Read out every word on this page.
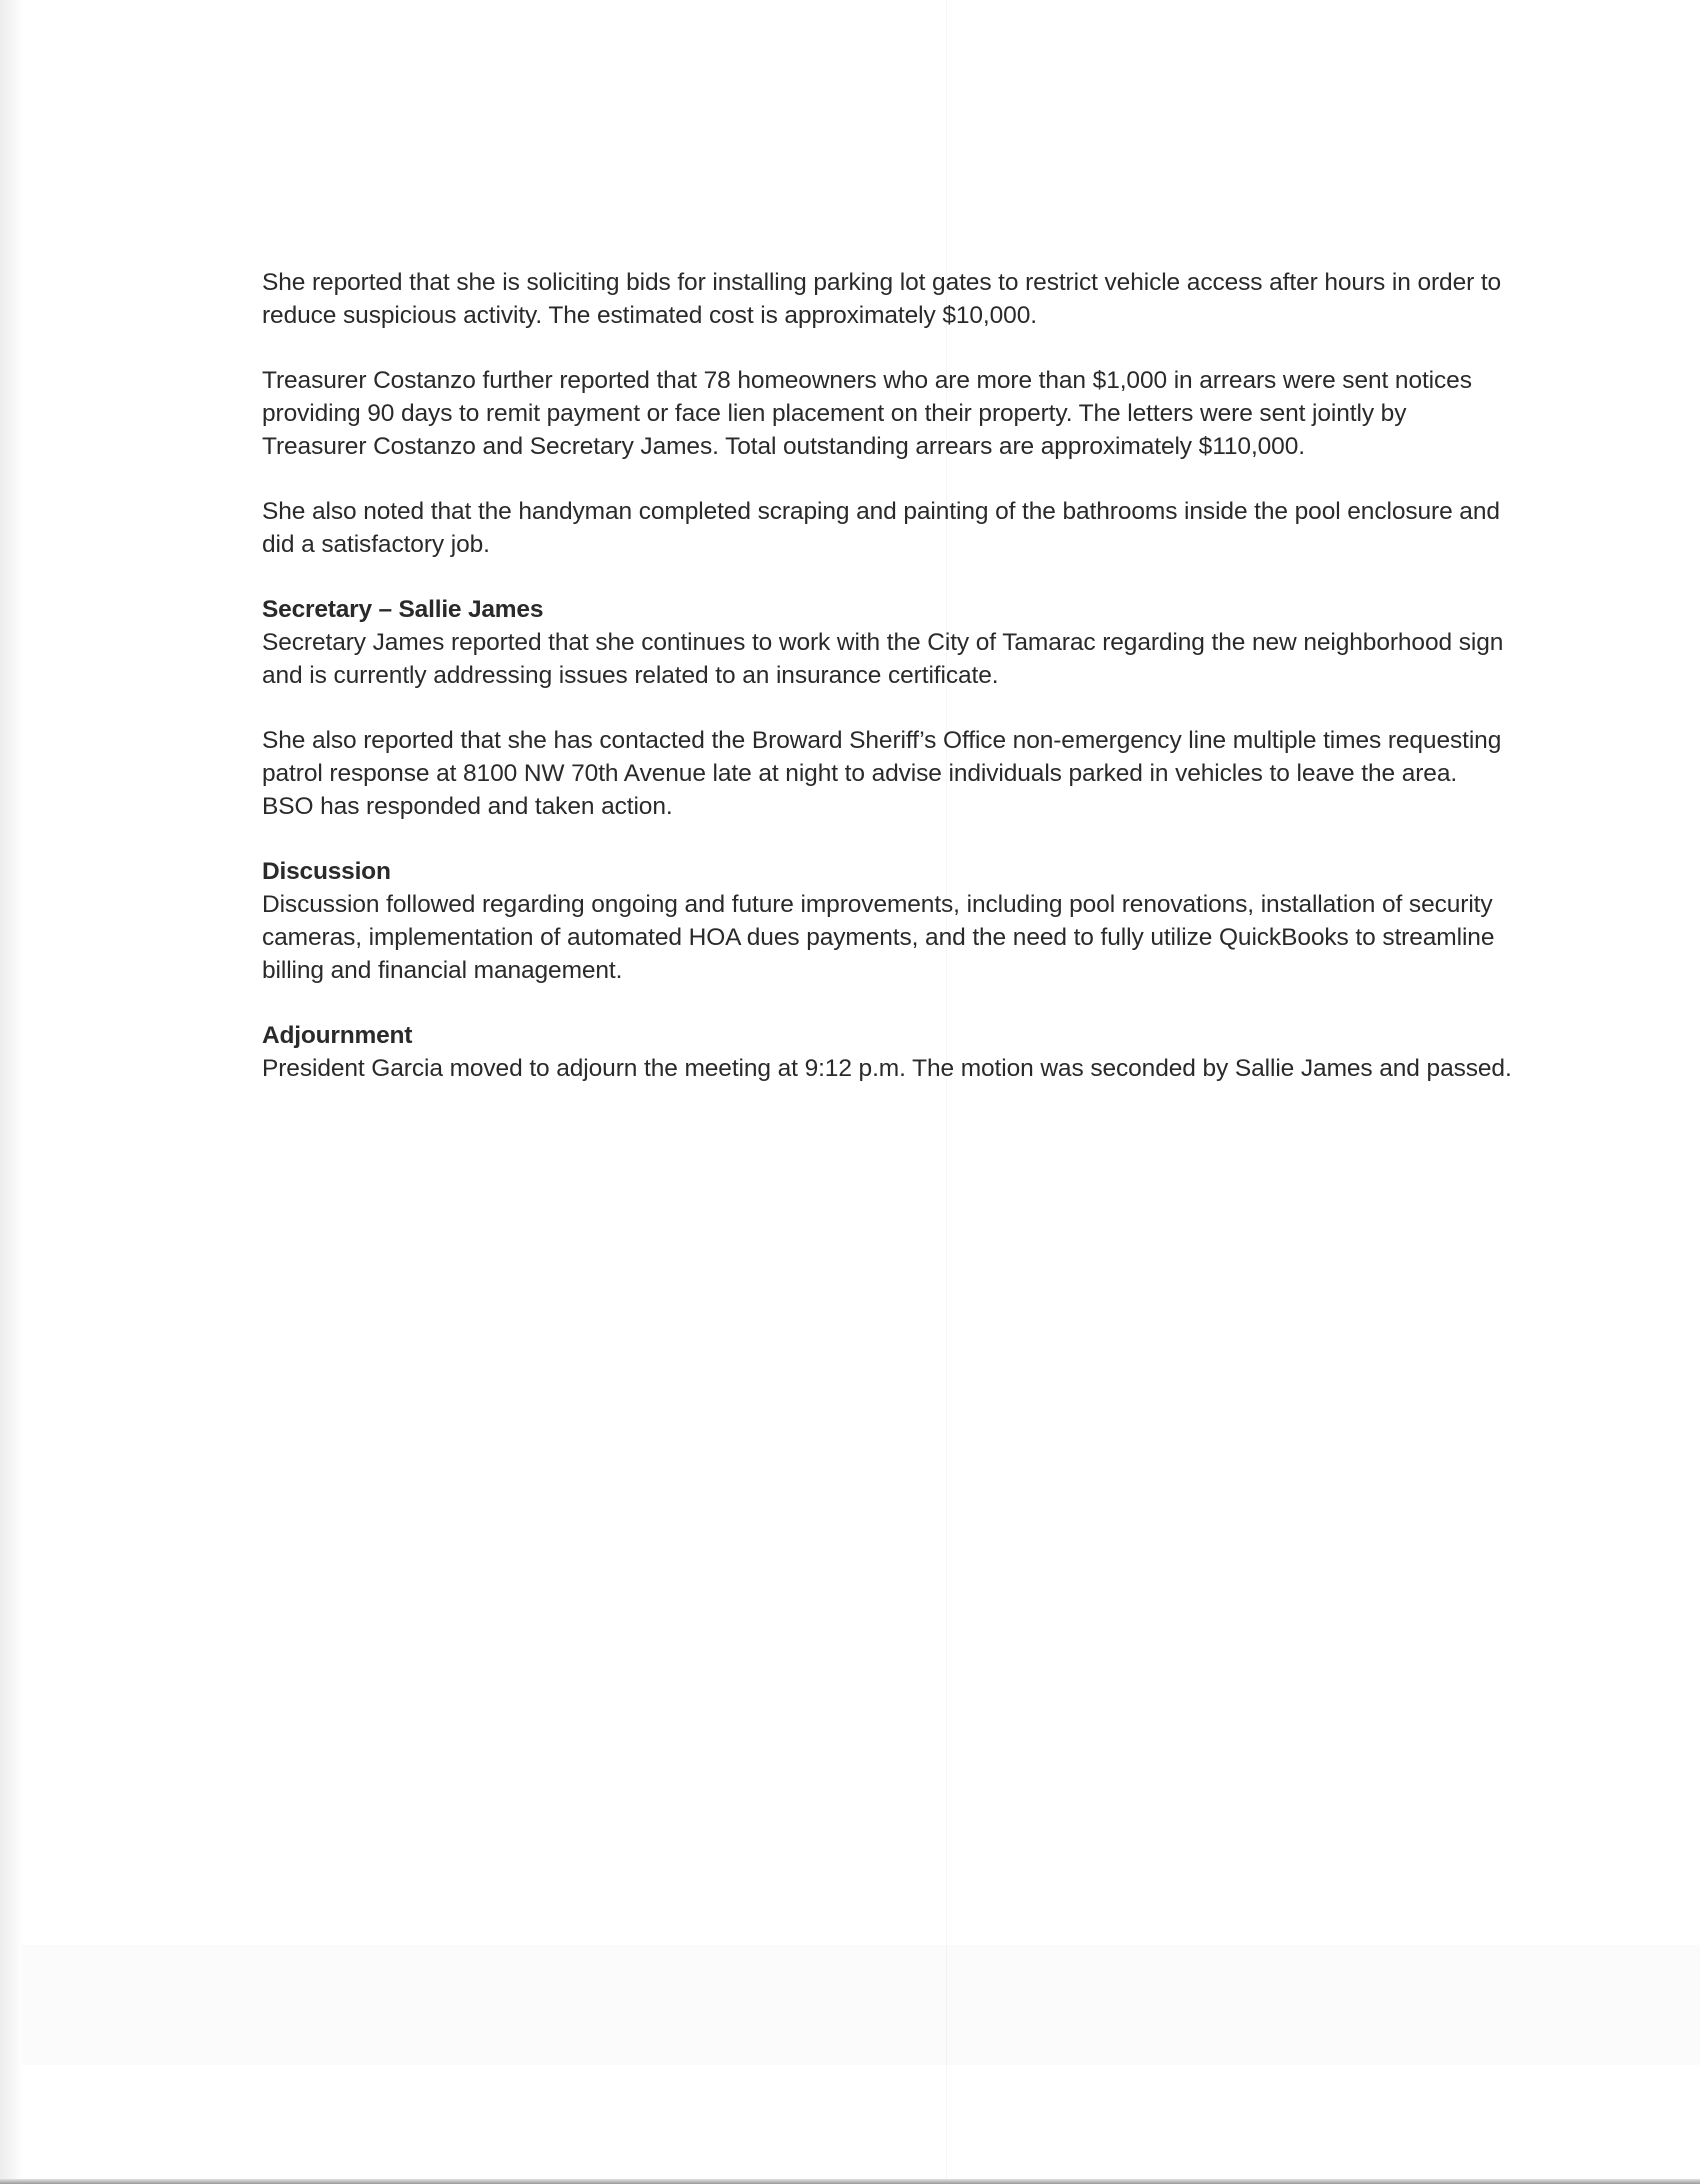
She reported that she is soliciting bids for installing parking lot gates to restrict vehicle access after hours in order to reduce suspicious activity. The estimated cost is approximately $10,000.

Treasurer Costanzo further reported that 78 homeowners who are more than $1,000 in arrears were sent notices providing 90 days to remit payment or face lien placement on their property. The letters were sent jointly by Treasurer Costanzo and Secretary James. Total outstanding arrears are approximately $110,000.

She also noted that the handyman completed scraping and painting of the bathrooms inside the pool enclosure and did a satisfactory job.

Secretary – Sallie James

Secretary James reported that she continues to work with the City of Tamarac regarding the new neighborhood sign and is currently addressing issues related to an insurance certificate.

She also reported that she has contacted the Broward Sheriff’s Office non-emergency line multiple times requesting patrol response at 8100 NW 70th Avenue late at night to advise individuals parked in vehicles to leave the area. BSO has responded and taken action.

Discussion

Discussion followed regarding ongoing and future improvements, including pool renovations, installation of security cameras, implementation of automated HOA dues payments, and the need to fully utilize QuickBooks to streamline billing and financial management.

Adjournment

President Garcia moved to adjourn the meeting at 9:12 p.m. The motion was seconded by Sallie James and passed.
